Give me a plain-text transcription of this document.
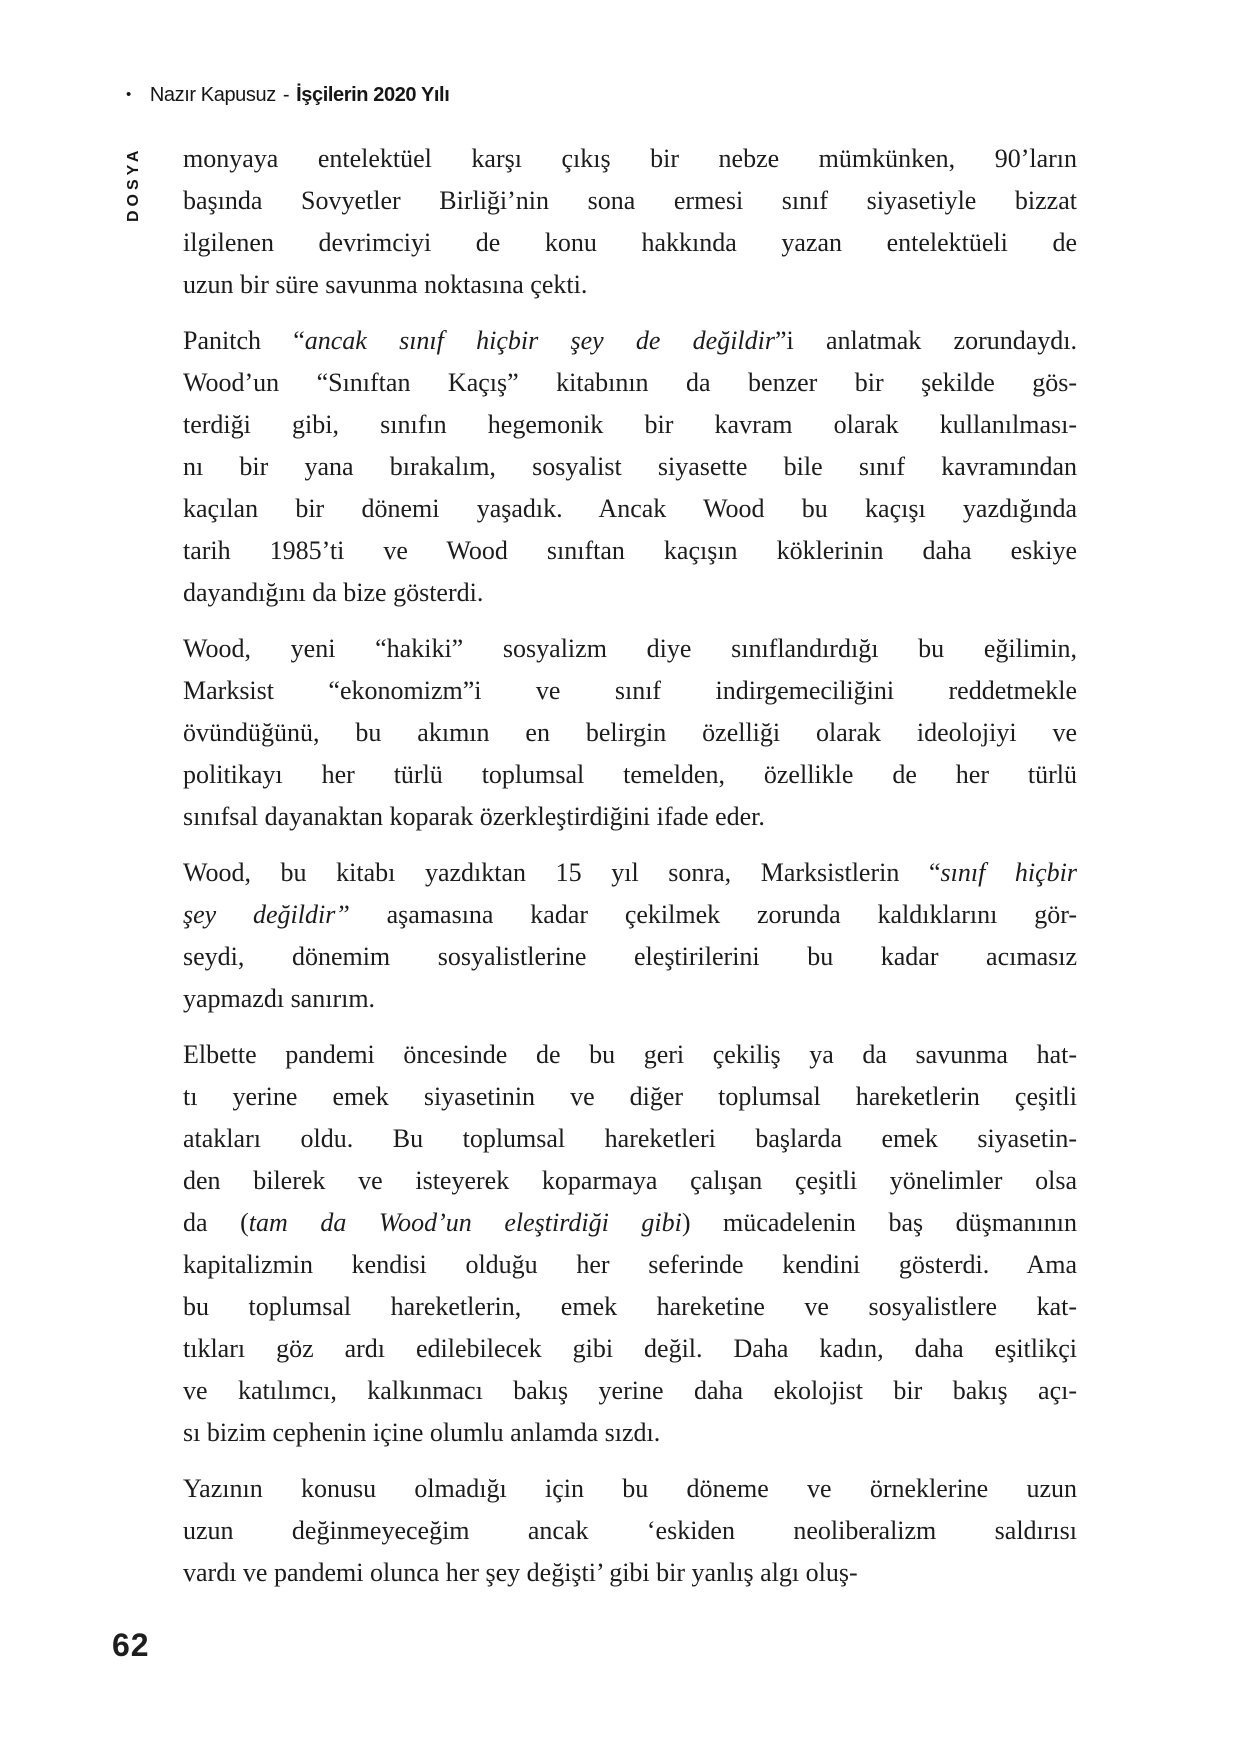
• Nazır Kapusuz - İşçilerin 2020 Yılı
DOSYA monyaya entelektüel karşı çıkış bir nebze mümkünken, 90’ların
başında Sovyetler Birliği’nin sona ermesi sınıf siyasetiyle bizzat
ilgilenen devrimciyi de konu hakkında yazan entelektüeli de
uzun bir süre savunma noktasına çekti.
Panitch “ancak sınıf hiçbir şey de değildir”i anlatmak zorundaydı.
Wood’un “Sınıftan Kaçış” kitabının da benzer bir şekilde gös-
terdiği gibi, sınıfın hegemonik bir kavram olarak kullanılması-
nı bir yana bırakalım, sosyalist siyasette bile sınıf kavramından
kaçılan bir dönemi yaşadık. Ancak Wood bu kaçışı yazdığında
tarih 1985’ti ve Wood sınıftan kaçışın köklerinin daha eskiye
dayandığını da bize gösterdi.
Wood, yeni “hakiki” sosyalizm diye sınıflandırdığı bu eğilimin,
Marksist “ekonomizm”i ve sınıf indirgemeciliğini reddetmekle
övündüğünü, bu akımın en belirgin özelliği olarak ideolojiyi ve
politikayı her türlü toplumsal temelden, özellikle de her türlü
sınıfsal dayanaktan koparak özerkleştirdiğini ifade eder.
Wood, bu kitabı yazdıktan 15 yıl sonra, Marksistlerin “sınıf hiçbir
şey değildir” aşamasına kadar çekilmek zorunda kaldıklarını gör-
seydi, dönemim sosyalistlerine eleştirilerini bu kadar acımasız
yapmazdı sanırım.
Elbette pandemi öncesinde de bu geri çekiliş ya da savunma hat-
tı yerine emek siyasetinin ve diğer toplumsal hareketlerin çeşitli
atakları oldu. Bu toplumsal hareketleri başlarda emek siyasetin-
den bilerek ve isteyerek koparmaya çalışan çeşitli yönelimler olsa
da (tam da Wood’un eleştirdiği gibi) mücadelenin baş düşmanının
kapitalizmin kendisi olduğu her seferinde kendini gösterdi. Ama
bu toplumsal hareketlerin, emek hareketine ve sosyalistlere kat-
tıkları göz ardı edilebilecek gibi değil. Daha kadın, daha eşitlikçi
ve katılımcı, kalkınmacı bakış yerine daha ekolojist bir bakış açı-
sı bizim cephenin içine olumlu anlamda sızdı.
Yazının konusu olmadığı için bu döneme ve örneklerine uzun
uzun değinmeyeceğim ancak ‘eskiden neoliberalizm saldırısı
vardı ve pandemi olunca her şey değişti’ gibi bir yanlış algı oluş-
62
